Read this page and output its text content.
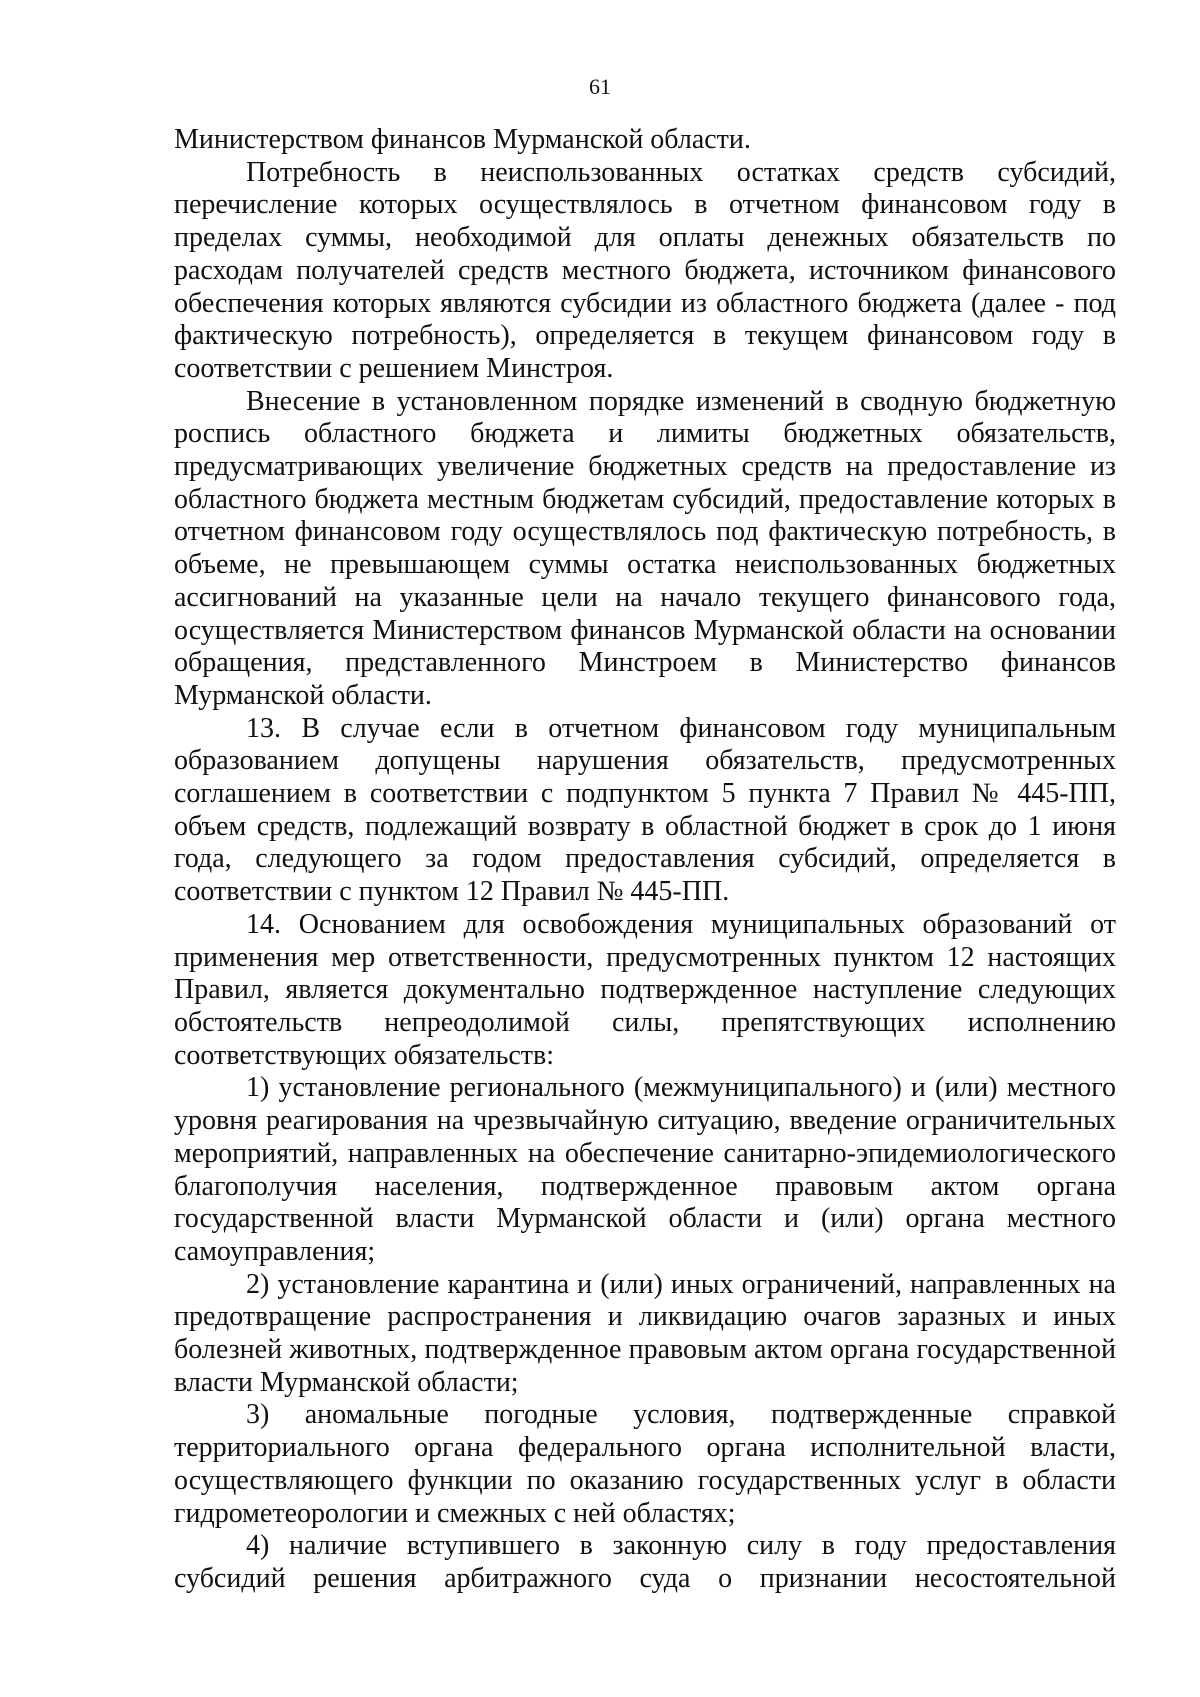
61

Министерством финансов Мурманской области.

Потребность в неиспользованных остатках средств субсидий, перечисление которых осуществлялось в отчетном финансовом году в пределах суммы, необходимой для оплаты денежных обязательств по расходам получателей средств местного бюджета, источником финансового обеспечения которых являются субсидии из областного бюджета (далее - под фактическую потребность), определяется в текущем финансовом году в соответствии с решением Минстроя.

Внесение в установленном порядке изменений в сводную бюджетную роспись областного бюджета и лимиты бюджетных обязательств, предусматривающих увеличение бюджетных средств на предоставление из областного бюджета местным бюджетам субсидий, предоставление которых в отчетном финансовом году осуществлялось под фактическую потребность, в объеме, не превышающем суммы остатка неиспользованных бюджетных ассигнований на указанные цели на начало текущего финансового года, осуществляется Министерством финансов Мурманской области на основании обращения, представленного Минстроем в Министерство финансов Мурманской области.

13. В случае если в отчетном финансовом году муниципальным образованием допущены нарушения обязательств, предусмотренных соглашением в соответствии с подпунктом 5 пункта 7 Правил № 445-ПП, объем средств, подлежащий возврату в областной бюджет в срок до 1 июня года, следующего за годом предоставления субсидий, определяется в соответствии с пунктом 12 Правил № 445-ПП.

14. Основанием для освобождения муниципальных образований от применения мер ответственности, предусмотренных пунктом 12 настоящих Правил, является документально подтвержденное наступление следующих обстоятельств непреодолимой силы, препятствующих исполнению соответствующих обязательств:

1) установление регионального (межмуниципального) и (или) местного уровня реагирования на чрезвычайную ситуацию, введение ограничительных мероприятий, направленных на обеспечение санитарно-эпидемиологического благополучия населения, подтвержденное правовым актом органа государственной власти Мурманской области и (или) органа местного самоуправления;

2) установление карантина и (или) иных ограничений, направленных на предотвращение распространения и ликвидацию очагов заразных и иных болезней животных, подтвержденное правовым актом органа государственной власти Мурманской области;

3) аномальные погодные условия, подтвержденные справкой территориального органа федерального органа исполнительной власти, осуществляющего функции по оказанию государственных услуг в области гидрометеорологии и смежных с ней областях;

4) наличие вступившего в законную силу в году предоставления субсидий решения арбитражного суда о признании несостоятельной
